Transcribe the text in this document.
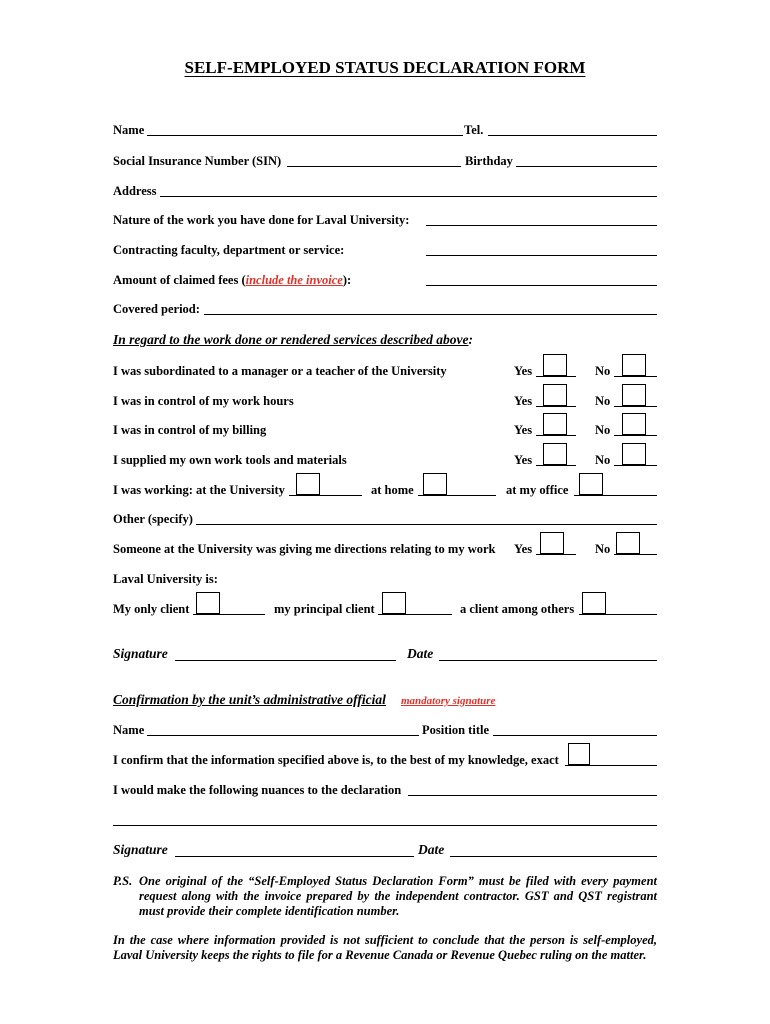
SELF-EMPLOYED STATUS DECLARATION FORM
Name	Tel.
Social Insurance Number (SIN)	Birthday
Address
Nature of the work you have done for Laval University:
Contracting faculty, department or service:
Amount of claimed fees (include the invoice):
Covered period:
In regard to the work done or rendered services described above:
I was subordinated to a manager or a teacher of the University	Yes	No
I was in control of my work hours	Yes	No
I was in control of my billing	Yes	No
I supplied my own work tools and materials	Yes	No
I was working: at the University	at home	at my office
Other (specify)
Someone at the University was giving me directions relating to my work Yes	No
Laval University is:
My only client	my principal client	a client among others
Signature	Date
Confirmation by the unit’s administrative official mandatory signature
Name	Position title
I confirm that the information specified above is, to the best of my knowledge, exact
I would make the following nuances to the declaration
Signature	Date
P.S. One original of the “Self-Employed Status Declaration Form” must be filed with every payment request along with the invoice prepared by the independent contractor. GST and QST registrant must provide their complete identification number.
In the case where information provided is not sufficient to conclude that the person is self-employed, Laval University keeps the rights to file for a Revenue Canada or Revenue Quebec ruling on the matter.
